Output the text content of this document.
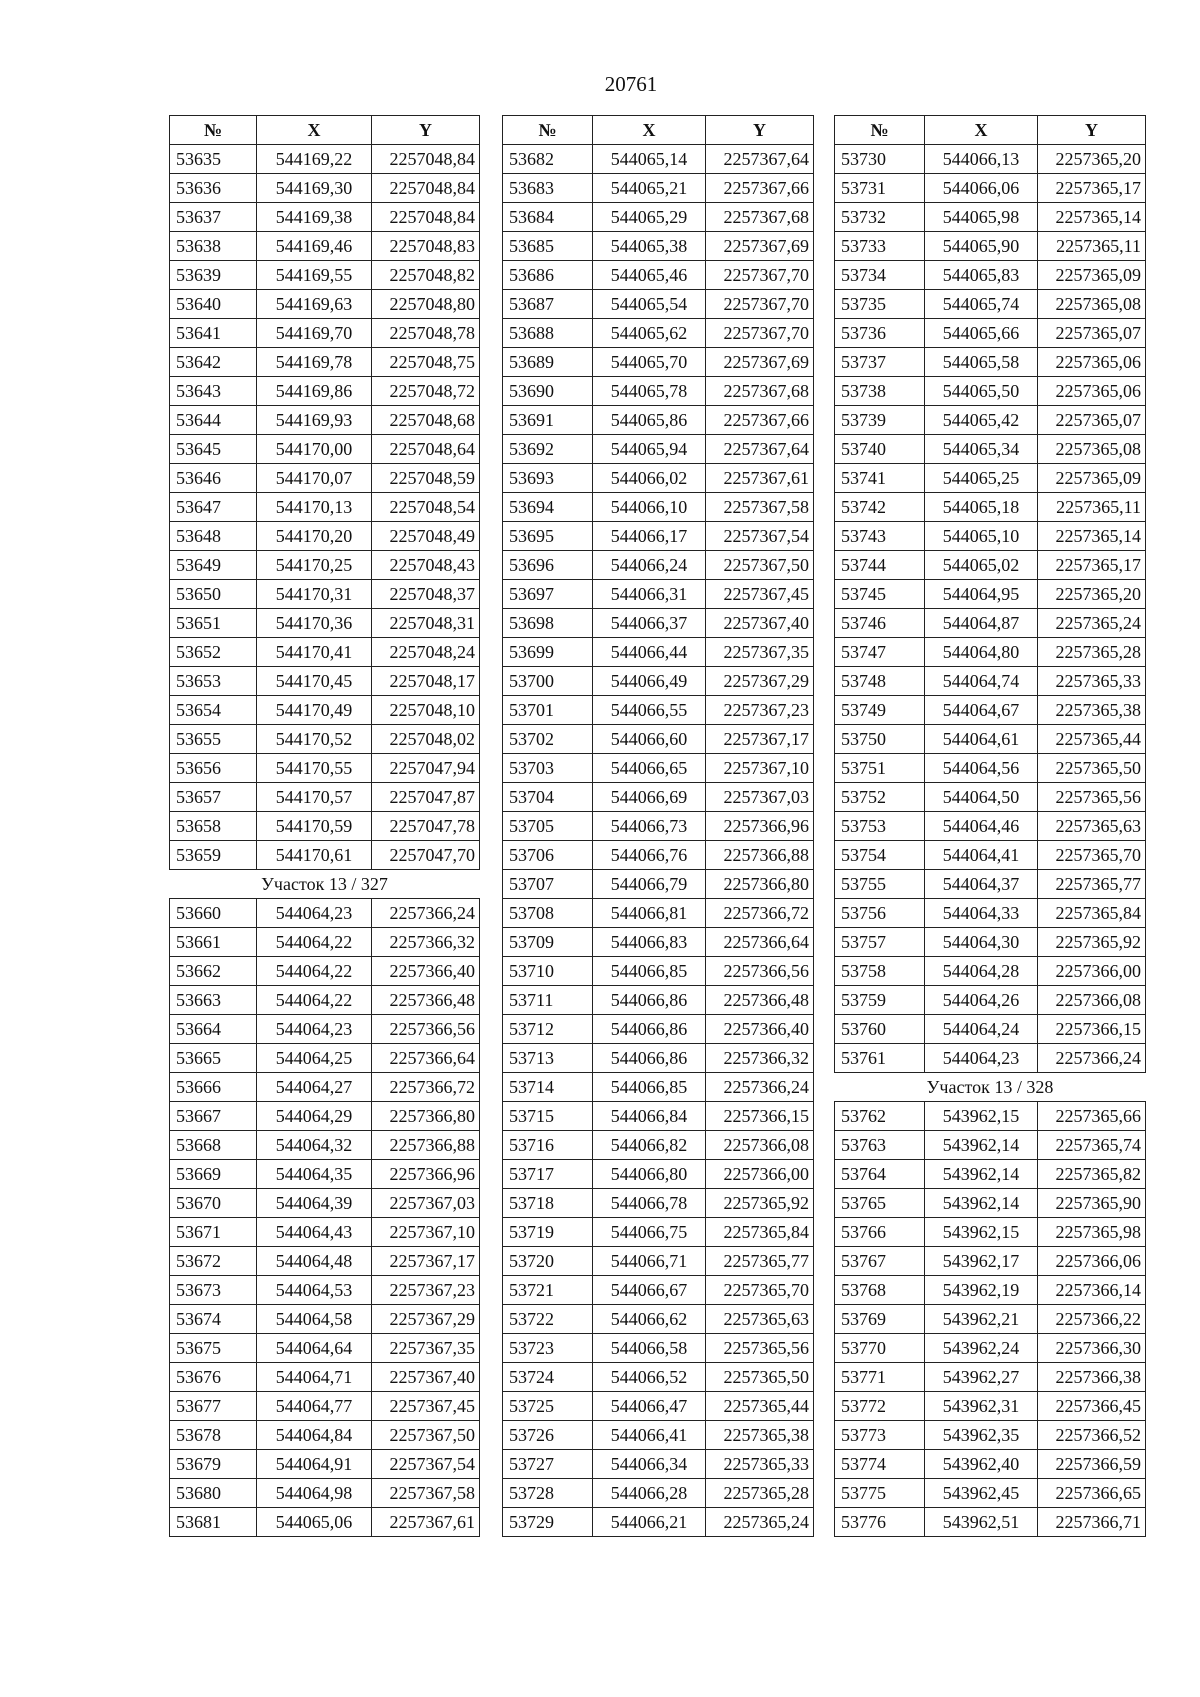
20761
№	X	Y
53635	544169,22	2257048,84
53636	544169,30	2257048,84
53637	544169,38	2257048,84
53638	544169,46	2257048,83
53639	544169,55	2257048,82
53640	544169,63	2257048,80
53641	544169,70	2257048,78
53642	544169,78	2257048,75
53643	544169,86	2257048,72
53644	544169,93	2257048,68
53645	544170,00	2257048,64
53646	544170,07	2257048,59
53647	544170,13	2257048,54
53648	544170,20	2257048,49
53649	544170,25	2257048,43
53650	544170,31	2257048,37
53651	544170,36	2257048,31
53652	544170,41	2257048,24
53653	544170,45	2257048,17
53654	544170,49	2257048,10
53655	544170,52	2257048,02
53656	544170,55	2257047,94
53657	544170,57	2257047,87
53658	544170,59	2257047,78
53659	544170,61	2257047,70
Участок 13 / 327		
53660	544064,23	2257366,24
53661	544064,22	2257366,32
53662	544064,22	2257366,40
53663	544064,22	2257366,48
53664	544064,23	2257366,56
53665	544064,25	2257366,64
53666	544064,27	2257366,72
53667	544064,29	2257366,80
53668	544064,32	2257366,88
53669	544064,35	2257366,96
53670	544064,39	2257367,03
53671	544064,43	2257367,10
53672	544064,48	2257367,17
53673	544064,53	2257367,23
53674	544064,58	2257367,29
53675	544064,64	2257367,35
53676	544064,71	2257367,40
53677	544064,77	2257367,45
53678	544064,84	2257367,50
53679	544064,91	2257367,54
53680	544064,98	2257367,58
53681	544065,06	2257367,61
№	X	Y
53682	544065,14	2257367,64
53683	544065,21	2257367,66
53684	544065,29	2257367,68
53685	544065,38	2257367,69
53686	544065,46	2257367,70
53687	544065,54	2257367,70
53688	544065,62	2257367,70
53689	544065,70	2257367,69
53690	544065,78	2257367,68
53691	544065,86	2257367,66
53692	544065,94	2257367,64
53693	544066,02	2257367,61
53694	544066,10	2257367,58
53695	544066,17	2257367,54
53696	544066,24	2257367,50
53697	544066,31	2257367,45
53698	544066,37	2257367,40
53699	544066,44	2257367,35
53700	544066,49	2257367,29
53701	544066,55	2257367,23
53702	544066,60	2257367,17
53703	544066,65	2257367,10
53704	544066,69	2257367,03
53705	544066,73	2257366,96
53706	544066,76	2257366,88
53707	544066,79	2257366,80
53708	544066,81	2257366,72
53709	544066,83	2257366,64
53710	544066,85	2257366,56
53711	544066,86	2257366,48
53712	544066,86	2257366,40
53713	544066,86	2257366,32
53714	544066,85	2257366,24
53715	544066,84	2257366,15
53716	544066,82	2257366,08
53717	544066,80	2257366,00
53718	544066,78	2257365,92
53719	544066,75	2257365,84
53720	544066,71	2257365,77
53721	544066,67	2257365,70
53722	544066,62	2257365,63
53723	544066,58	2257365,56
53724	544066,52	2257365,50
53725	544066,47	2257365,44
53726	544066,41	2257365,38
53727	544066,34	2257365,33
53728	544066,28	2257365,28
53729	544066,21	2257365,24
№	X	Y
53730	544066,13	2257365,20
53731	544066,06	2257365,17
53732	544065,98	2257365,14
53733	544065,90	2257365,11
53734	544065,83	2257365,09
53735	544065,74	2257365,08
53736	544065,66	2257365,07
53737	544065,58	2257365,06
53738	544065,50	2257365,06
53739	544065,42	2257365,07
53740	544065,34	2257365,08
53741	544065,25	2257365,09
53742	544065,18	2257365,11
53743	544065,10	2257365,14
53744	544065,02	2257365,17
53745	544064,95	2257365,20
53746	544064,87	2257365,24
53747	544064,80	2257365,28
53748	544064,74	2257365,33
53749	544064,67	2257365,38
53750	544064,61	2257365,44
53751	544064,56	2257365,50
53752	544064,50	2257365,56
53753	544064,46	2257365,63
53754	544064,41	2257365,70
53755	544064,37	2257365,77
53756	544064,33	2257365,84
53757	544064,30	2257365,92
53758	544064,28	2257366,00
53759	544064,26	2257366,08
53760	544064,24	2257366,15
53761	544064,23	2257366,24
Участок 13 / 328		
53762	543962,15	2257365,66
53763	543962,14	2257365,74
53764	543962,14	2257365,82
53765	543962,14	2257365,90
53766	543962,15	2257365,98
53767	543962,17	2257366,06
53768	543962,19	2257366,14
53769	543962,21	2257366,22
53770	543962,24	2257366,30
53771	543962,27	2257366,38
53772	543962,31	2257366,45
53773	543962,35	2257366,52
53774	543962,40	2257366,59
53775	543962,45	2257366,65
53776	543962,51	2257366,71
